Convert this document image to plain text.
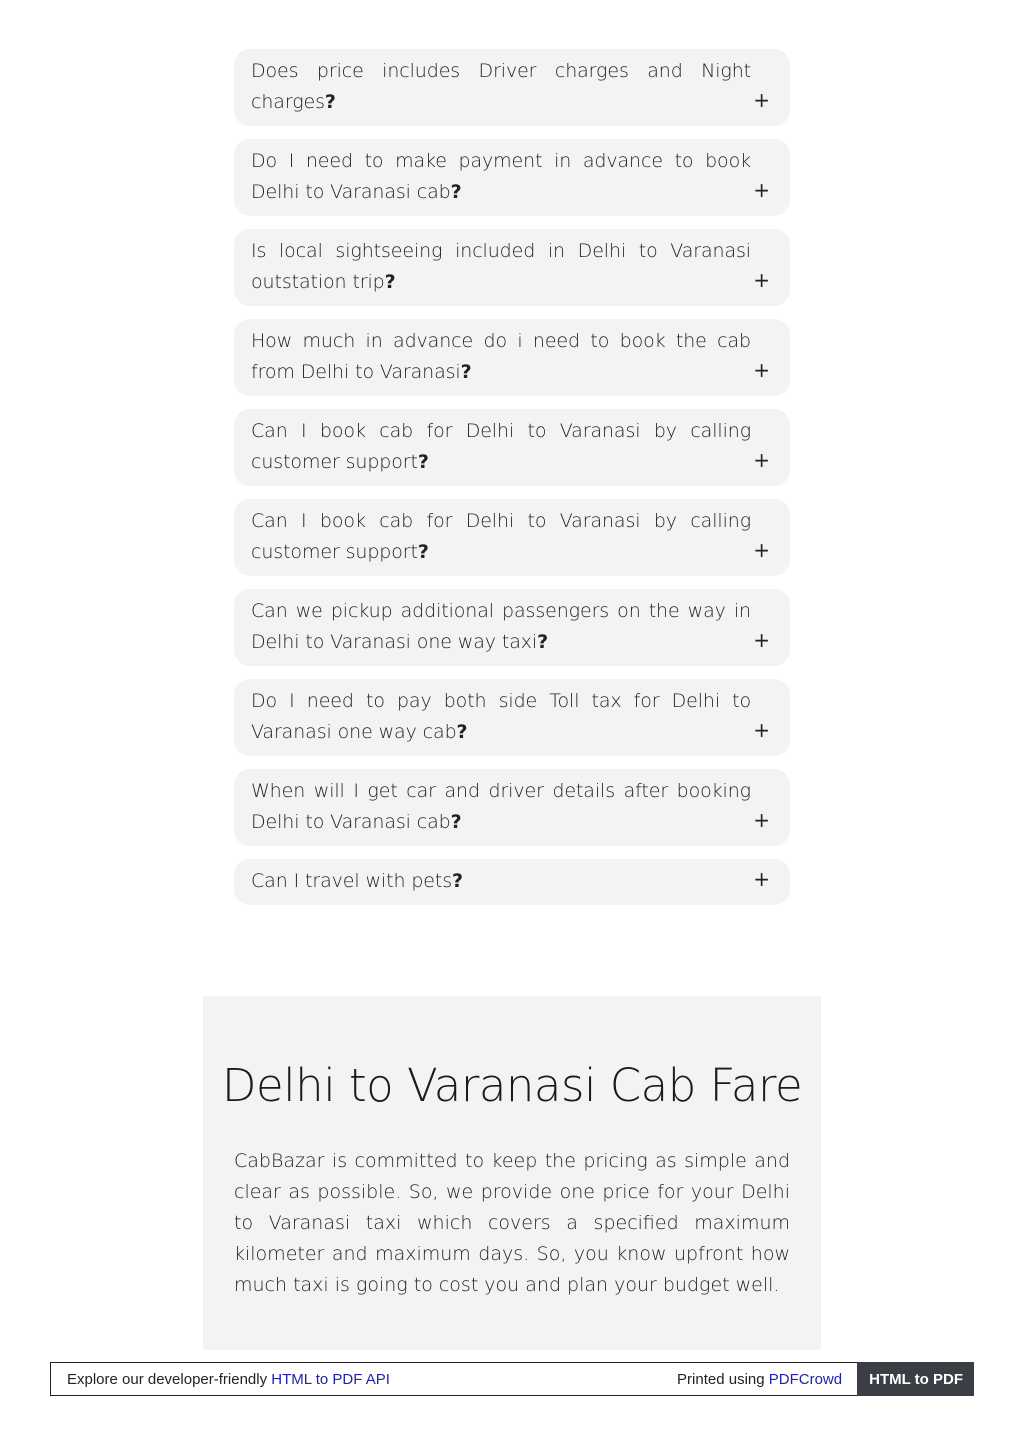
Does price includes Driver charges and Night charges?	+
Do I need to make payment in advance to book Delhi to Varanasi cab?	+
Is local sightseeing included in Delhi to Varanasi outstation trip?	+
How much in advance do i need to book the cab from Delhi to Varanasi?	+
Can I book cab for Delhi to Varanasi by calling customer support?	+
Can I book cab for Delhi to Varanasi by calling customer support?	+
Can we pickup additional passengers on the way in Delhi to Varanasi one way taxi?	+
Do I need to pay both side Toll tax for Delhi to Varanasi one way cab?	+
When will I get car and driver details after booking Delhi to Varanasi cab?	+
Can I travel with pets?	+
Delhi to Varanasi Cab Fare

CabBazar is committed to keep the pricing as simple and clear as possible. So, we provide one price for your Delhi to Varanasi taxi which covers a specified maximum kilometer and maximum days. So, you know upfront how much taxi is going to cost you and plan your budget well.

Explore our developer-friendly HTML to PDF API	Printed using PDFCrowd	HTML to PDF
